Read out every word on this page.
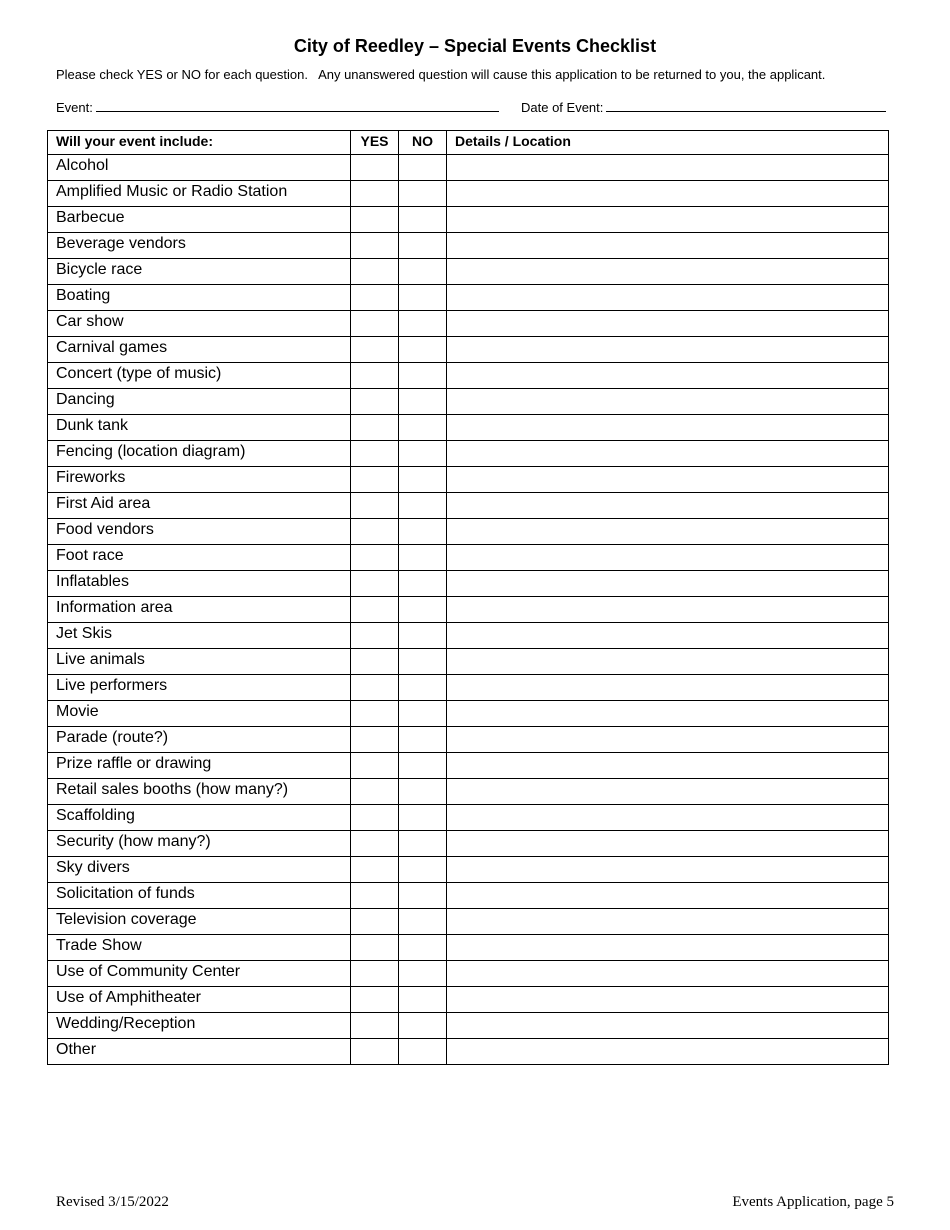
City of Reedley – Special Events Checklist
Please check YES or NO for each question.   Any unanswered question will cause this application to be returned to you, the applicant.
Event:	Date of Event:
Will your event include:	YES	NO	Details / Location
Alcohol			
Amplified Music or Radio Station			
Barbecue			
Beverage vendors			
Bicycle race			
Boating			
Car show			
Carnival games			
Concert (type of music)			
Dancing			
Dunk tank			
Fencing (location diagram)			
Fireworks			
First Aid area			
Food vendors			
Foot race			
Inflatables			
Information area			
Jet Skis			
Live animals			
Live performers			
Movie			
Parade (route?)			
Prize raffle or drawing			
Retail sales booths (how many?)			
Scaffolding			
Security (how many?)			
Sky divers			
Solicitation of funds			
Television coverage			
Trade Show			
Use of Community Center			
Use of Amphitheater			
Wedding/Reception			
Other			
Revised 3/15/2022	Events Application, page 5
